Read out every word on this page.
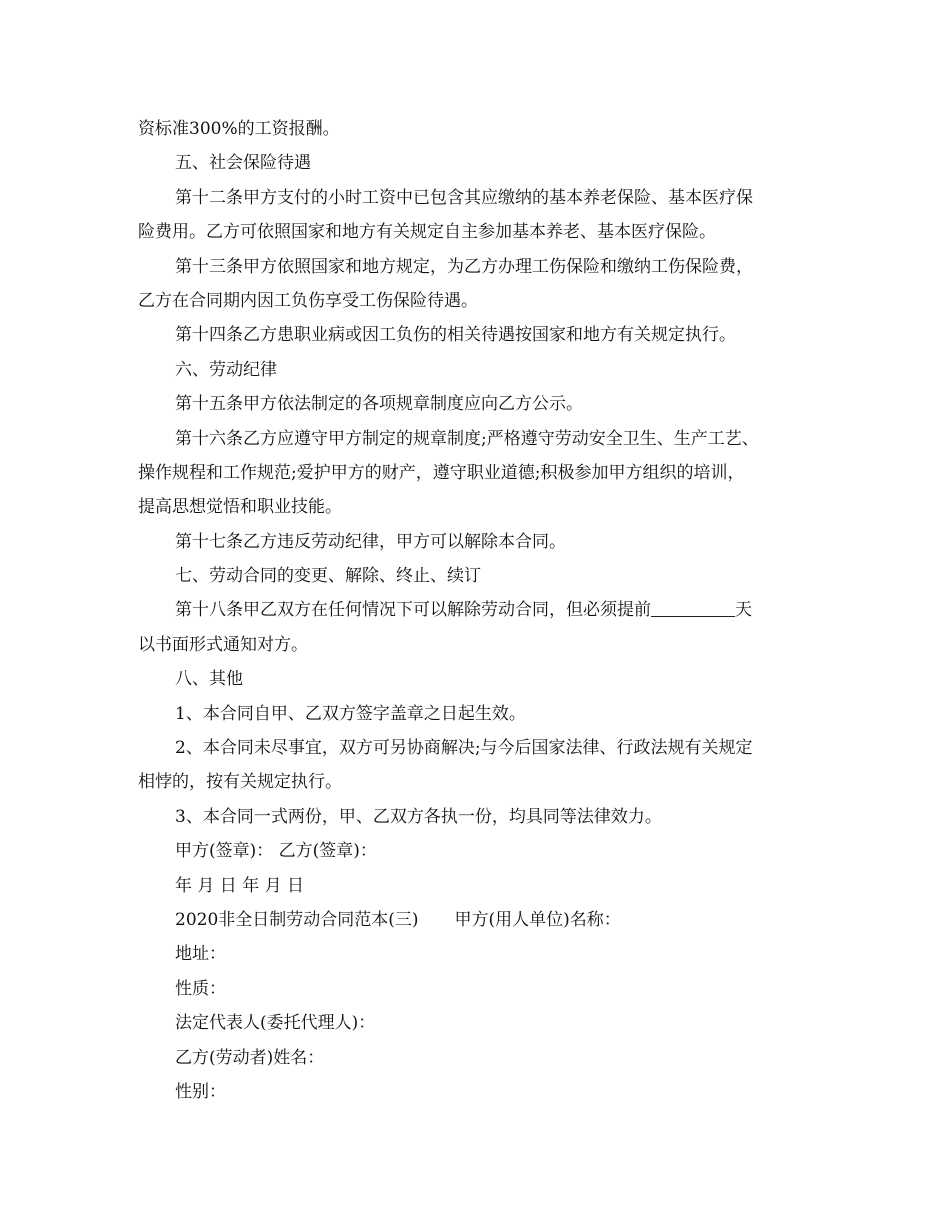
资标准300%的工资报酬。
五、社会保险待遇
第十二条甲方支付的小时工资中已包含其应缴纳的基本养老保险、基本医疗保
险费用。乙方可依照国家和地方有关规定自主参加基本养老、基本医疗保险。
第十三条甲方依照国家和地方规定，为乙方办理工伤保险和缴纳工伤保险费，
乙方在合同期内因工负伤享受工伤保险待遇。
第十四条乙方患职业病或因工负伤的相关待遇按国家和地方有关规定执行。
六、劳动纪律
第十五条甲方依法制定的各项规章制度应向乙方公示。
第十六条乙方应遵守甲方制定的规章制度;严格遵守劳动安全卫生、生产工艺、
操作规程和工作规范;爱护甲方的财产，遵守职业道德;积极参加甲方组织的培训，
提高思想觉悟和职业技能。
第十七条乙方违反劳动纪律，甲方可以解除本合同。
七、劳动合同的变更、解除、终止、续订
第十八条甲乙双方在任何情况下可以解除劳动合同，但必须提前	天
以书面形式通知对方。
八、其他
1、本合同自甲、乙双方签字盖章之日起生效。
2、本合同未尽事宜，双方可另协商解决;与今后国家法律、行政法规有关规定
相悖的，按有关规定执行。
3、本合同一式两份，甲、乙双方各执一份，均具同等法律效力。
甲方(签章)： 乙方(签章)：
年 月 日 年 月 日
2020非全日制劳动合同范本(三) 甲方(用人单位)名称：
地址：
性质：
法定代表人(委托代理人)：
乙方(劳动者)姓名：
性别：
